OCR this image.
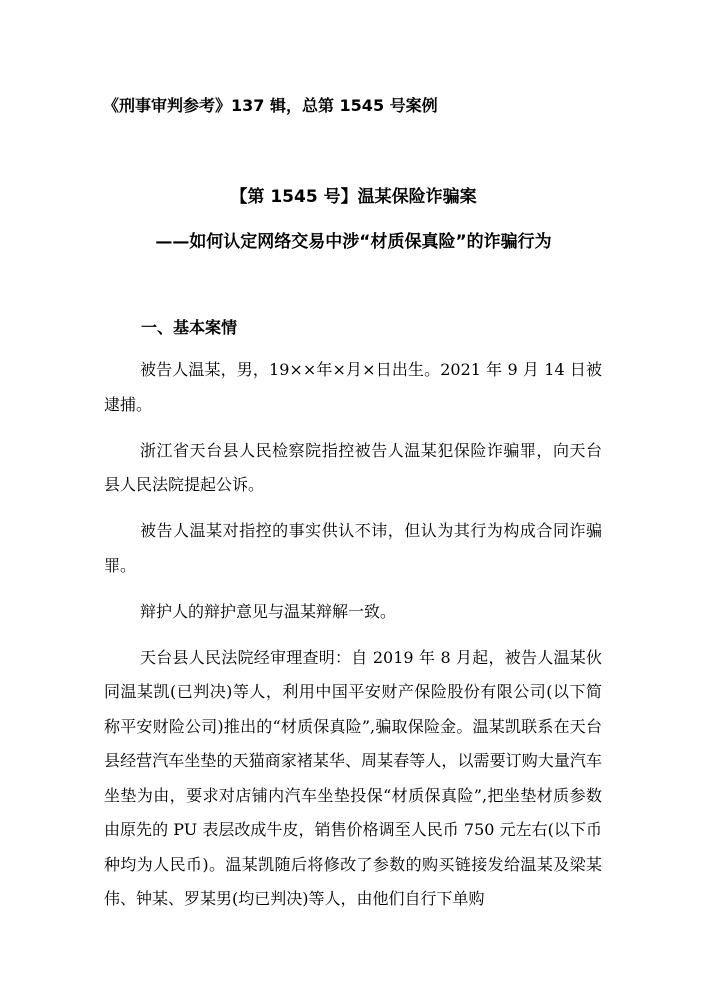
《刑事审判参考》137 辑，总第 1545 号案例
【第 1545 号】温某保险诈骗案
——如何认定网络交易中涉“材质保真险”的诈骗行为
一、基本案情

被告人温某，男，19××年×月×日出生。2021 年 9 月 14 日被逮捕。

浙江省天台县人民检察院指控被告人温某犯保险诈骗罪，向天台县人民法院提起公诉。

被告人温某对指控的事实供认不讳，但认为其行为构成合同诈骗罪。

辩护人的辩护意见与温某辩解一致。

天台县人民法院经审理查明：自 2019 年 8 月起，被告人温某伙同温某凯(已判决)等人，利用中国平安财产保险股份有限公司(以下简称平安财险公司)推出的“材质保真险”,骗取保险金。温某凯联系在天台县经营汽车坐垫的天猫商家褚某华、周某春等人，以需要订购大量汽车坐垫为由，要求对店铺内汽车坐垫投保“材质保真险”,把坐垫材质参数由原先的 PU 表层改成牛皮，销售价格调至人民币 750 元左右(以下币种均为人民币)。温某凯随后将修改了参数的购买链接发给温某及梁某伟、钟某、罗某男(均已判决)等人，由他们自行下单购
